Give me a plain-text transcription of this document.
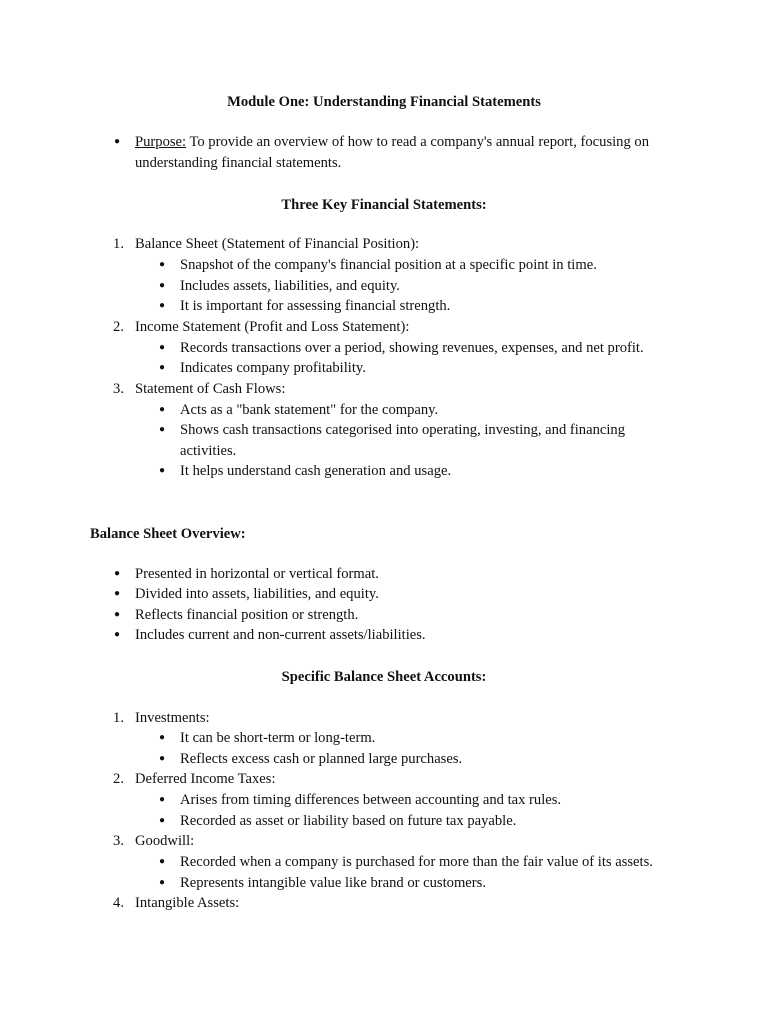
Module One: Understanding Financial Statements
● Purpose: To provide an overview of how to read a company's annual report, focusing on
understanding financial statements.
Three Key Financial Statements:
1. Balance Sheet (Statement of Financial Position):
● Snapshot of the company's financial position at a specific point in time.
● Includes assets, liabilities, and equity.
● It is important for assessing financial strength.
2. Income Statement (Profit and Loss Statement):
● Records transactions over a period, showing revenues, expenses, and net profit.
● Indicates company profitability.
3. Statement of Cash Flows:
● Acts as a "bank statement" for the company.
● Shows cash transactions categorised into operating, investing, and financing
activities.
● It helps understand cash generation and usage.
Balance Sheet Overview:
● Presented in horizontal or vertical format.
● Divided into assets, liabilities, and equity.
● Reflects financial position or strength.
● Includes current and non-current assets/liabilities.
Specific Balance Sheet Accounts:
1. Investments:
● It can be short-term or long-term.
● Reflects excess cash or planned large purchases.
2. Deferred Income Taxes:
● Arises from timing differences between accounting and tax rules.
● Recorded as asset or liability based on future tax payable.
3. Goodwill:
● Recorded when a company is purchased for more than the fair value of its assets.
● Represents intangible value like brand or customers.
4. Intangible Assets:
